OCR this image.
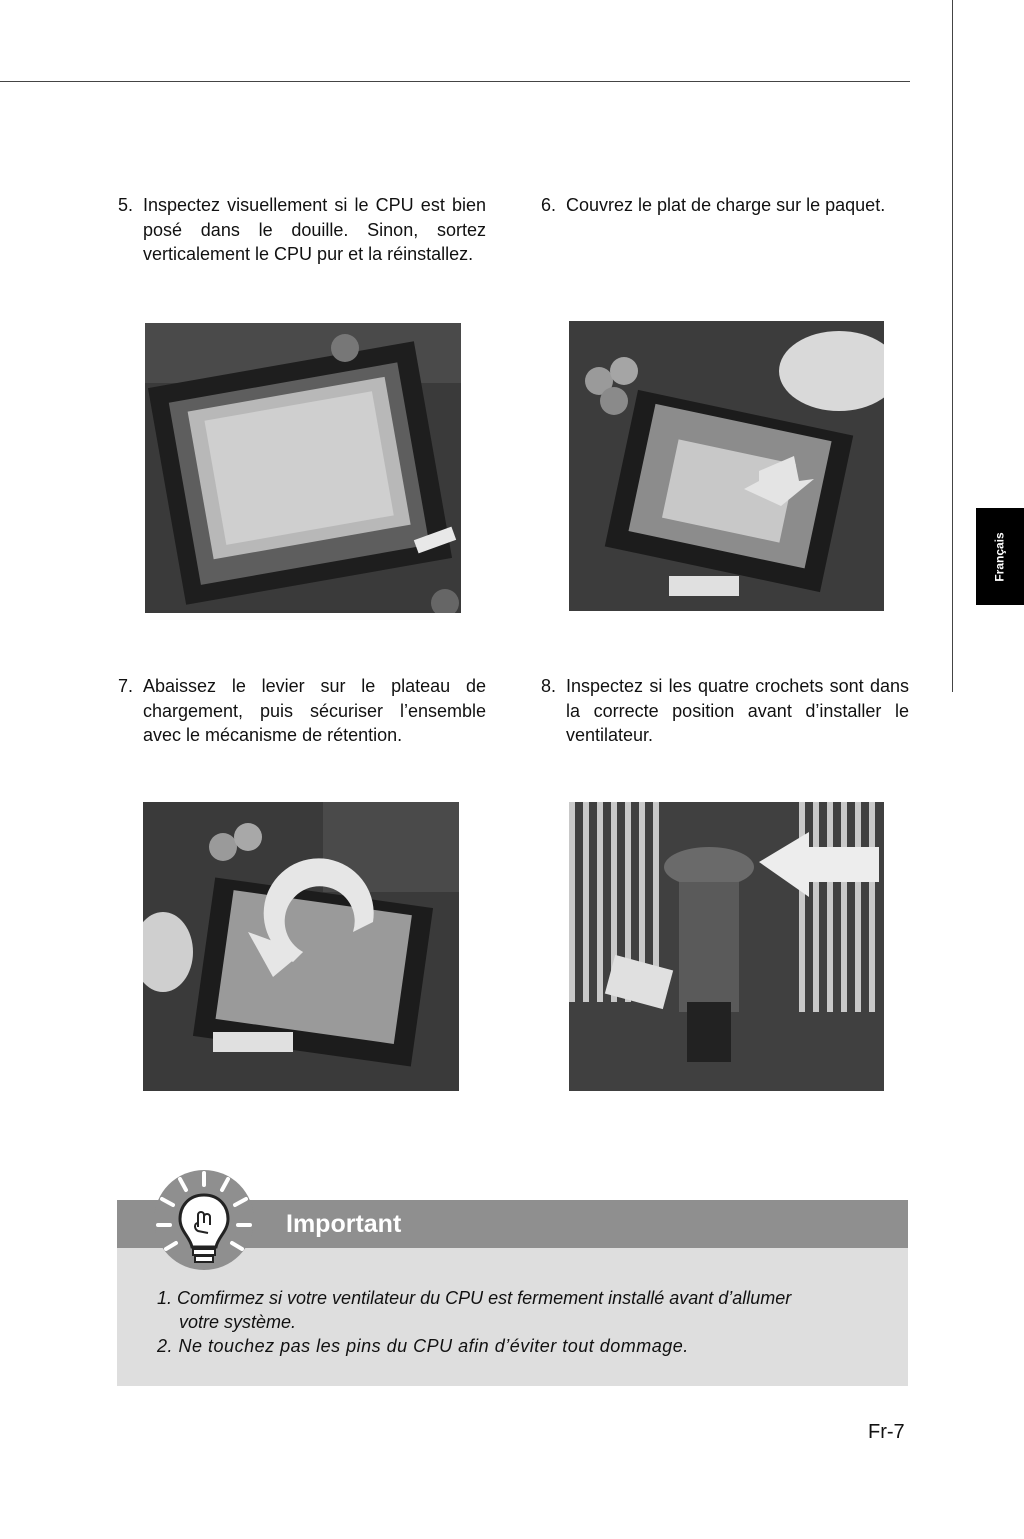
Français
5. Inspectez visuellement si le CPU est bien posé dans le douille. Sinon, sortez verticalement le CPU pur et la réinstallez.
6. Couvrez le plat de charge sur le paquet.
7. Abaissez le levier sur le plateau de chargement, puis sécuriser l’ensemble avec le mécanisme de rétention.
8. Inspectez si les quatre crochets sont dans la correcte position avant d’installer le ventilateur.
Important
1. Comfirmez si votre ventilateur du CPU est fermement installé avant d’allumer
votre système.
2. Ne touchez pas les pins du CPU afin d’éviter tout dommage.
Fr-7
